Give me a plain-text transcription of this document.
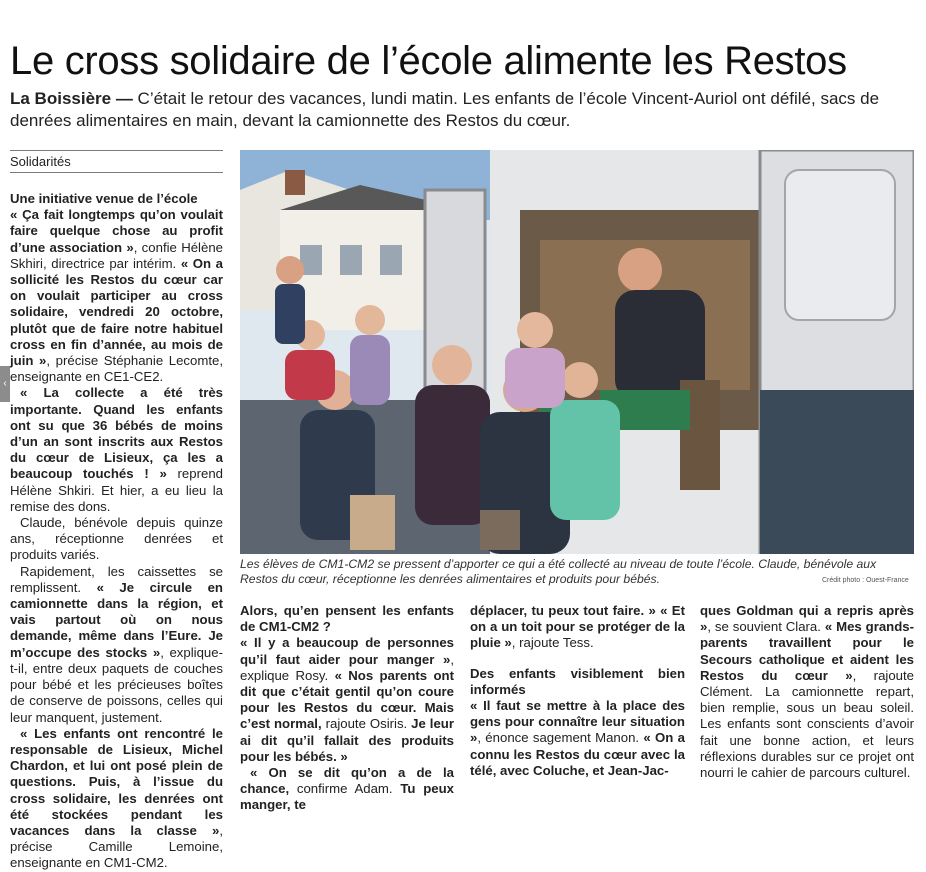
Le cross solidaire de l’école alimente les Restos
La Boissière — C’était le retour des vacances, lundi matin. Les enfants de l’école Vincent-Auriol ont défilé, sacs de denrées alimentaires en main, devant la camionnette des Restos du cœur.
Solidarités
‹

Une initiative venue de l’école

« Ça fait longtemps qu’on voulait faire quelque chose au profit d’une association », confie Hélène Skhiri, directrice par intérim. « On a sollicité les Restos du cœur car on voulait participer au cross solidaire, vendredi 20 octobre, plutôt que de faire notre habituel cross en fin d’année, au mois de juin », précise Stéphanie Lecomte, enseignante en CE1-CE2.

« La collecte a été très importante. Quand les enfants ont su que 36 bébés de moins d’un an sont inscrits aux Restos du cœur de Lisieux, ça les a beaucoup touchés ! » reprend Hélène Shkiri. Et hier, a eu lieu la remise des dons.

Claude, bénévole depuis quinze ans, réceptionne denrées et produits variés.

Rapidement, les caissettes se remplissent. « Je circule en camionnette dans la région, et vais partout où on nous demande, même dans l’Eure. Je m’occupe des stocks », explique-t-il, entre deux paquets de couches pour bébé et les précieuses boîtes de conserve de poissons, celles qui leur manquent, justement.

« Les enfants ont rencontré le responsable de Lisieux, Michel Chardon, et lui ont posé plein de questions. Puis, à l’issue du cross solidaire, les denrées ont été stockées pendant les vacances dans la classe », précise Camille Lemoine, enseignante en CM1-CM2.

Les élèves de CM1-CM2 se pressent d’apporter ce qui a été collecté au niveau de toute l’école. Claude, bénévole aux Restos du cœur, réceptionne les denrées alimentaires et produits pour bébés.	Crédit photo : Ouest-France

Alors, qu’en pensent les enfants de CM1-CM2 ?

« Il y a beaucoup de personnes qu’il faut aider pour manger », explique Rosy. « Nos parents ont dit que c’était gentil qu’on coure pour les Restos du cœur. Mais c’est normal, rajoute Osiris. Je leur ai dit qu’il fallait des produits pour les bébés. »

« On se dit qu’on a de la chance, confirme Adam. Tu peux manger, te

déplacer, tu peux tout faire. » « Et on a un toit pour se protéger de la pluie », rajoute Tess.

Des enfants visiblement bien informés

« Il faut se mettre à la place des gens pour connaître leur situation », énonce sagement Manon. « On a connu les Restos du cœur avec la télé, avec Coluche, et Jean-Jac-

ques Goldman qui a repris après », se souvient Clara. « Mes grands-parents travaillent pour le Secours catholique et aident les Restos du cœur », rajoute Clément. La camionnette repart, bien remplie, sous un beau soleil. Les enfants sont conscients d’avoir fait une bonne action, et leurs réflexions durables sur ce projet ont nourri le cahier de parcours culturel.
